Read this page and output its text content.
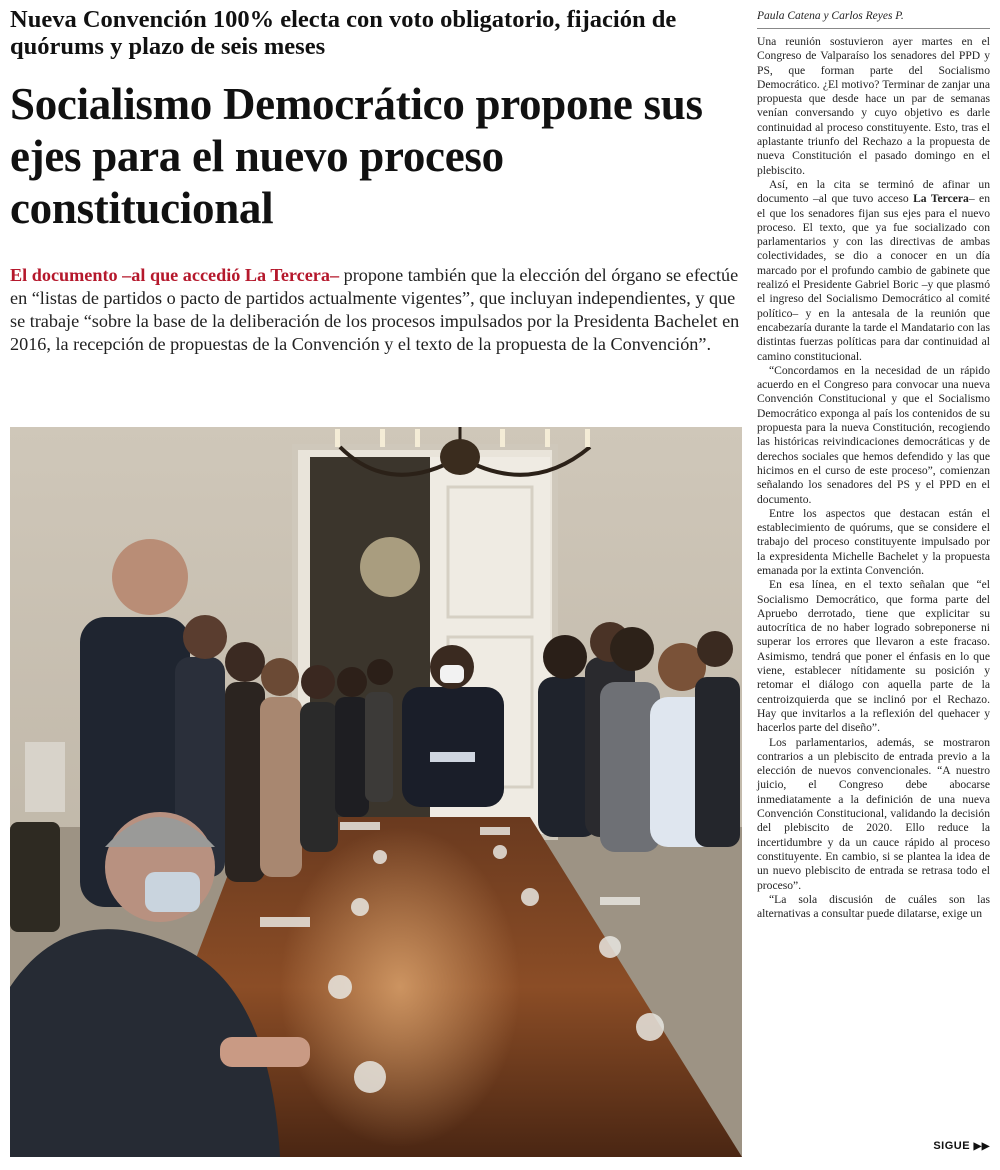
Nueva Convención 100% electa con voto obligatorio, fijación de quórums y plazo de seis meses
Socialismo Democrático propone sus ejes para el nuevo proceso constitucional

El documento –al que accedió La Tercera– propone también que la elección del órgano se efectúe en “listas de partidos o pacto de partidos actualmente vigentes”, que incluyan independientes, y que se trabaje “sobre la base de la deliberación de los procesos impulsados por la Presidenta Bachelet en 2016, la recepción de propuestas de la Convención y el texto de la propuesta de la Convención”.

Paula Catena y Carlos Reyes P.

Una reunión sostuvieron ayer martes en el Congreso de Valparaíso los senadores del PPD y PS, que forman parte del Socialismo Democrático. ¿El motivo? Terminar de zanjar una propuesta que desde hace un par de semanas venían conversando y cuyo objetivo es darle continuidad al proceso constituyente. Esto, tras el aplastante triunfo del Rechazo a la propuesta de nueva Constitución el pasado domingo en el plebiscito.

Así, en la cita se terminó de afinar un documento –al que tuvo acceso La Tercera– en el que los senadores fijan sus ejes para el nuevo proceso. El texto, que ya fue socializado con parlamentarios y con las directivas de ambas colectividades, se dio a conocer en un día marcado por el profundo cambio de gabinete que realizó el Presidente Gabriel Boric –y que plasmó el ingreso del Socialismo Democrático al comité político– y en la antesala de la reunión que encabezaría durante la tarde el Mandatario con las distintas fuerzas políticas para dar continuidad al camino constitucional.

“Concordamos en la necesidad de un rápido acuerdo en el Congreso para convocar una nueva Convención Constitucional y que el Socialismo Democrático exponga al país los contenidos de su propuesta para la nueva Constitución, recogiendo las históricas reivindicaciones democráticas y de derechos sociales que hemos defendido y las que hicimos en el curso de este proceso”, comienzan señalando los senadores del PS y el PPD en el documento.

Entre los aspectos que destacan están el establecimiento de quórums, que se considere el trabajo del proceso constituyente impulsado por la expresidenta Michelle Bachelet y la propuesta emanada por la extinta Convención.

En esa línea, en el texto señalan que “el Socialismo Democrático, que forma parte del Apruebo derrotado, tiene que explicitar su autocrítica de no haber logrado sobreponerse ni superar los errores que llevaron a este fracaso. Asimismo, tendrá que poner el énfasis en lo que viene, establecer nítidamente su posición y retomar el diálogo con aquella parte de la centroizquierda que se inclinó por el Rechazo. Hay que invitarlos a la reflexión del quehacer y hacerlos parte del diseño”.

Los parlamentarios, además, se mostraron contrarios a un plebiscito de entrada previo a la elección de nuevos convencionales. “A nuestro juicio, el Congreso debe abocarse inmediatamente a la definición de una nueva Convención Constitucional, validando la decisión del plebiscito de 2020. Ello reduce la incertidumbre y da un cauce rápido al proceso constituyente. En cambio, si se plantea la idea de un nuevo plebiscito de entrada se retrasa todo el proceso”.

“La sola discusión de cuáles son las alternativas a consultar puede dilatarse, exige un

SIGUE ▶▶
